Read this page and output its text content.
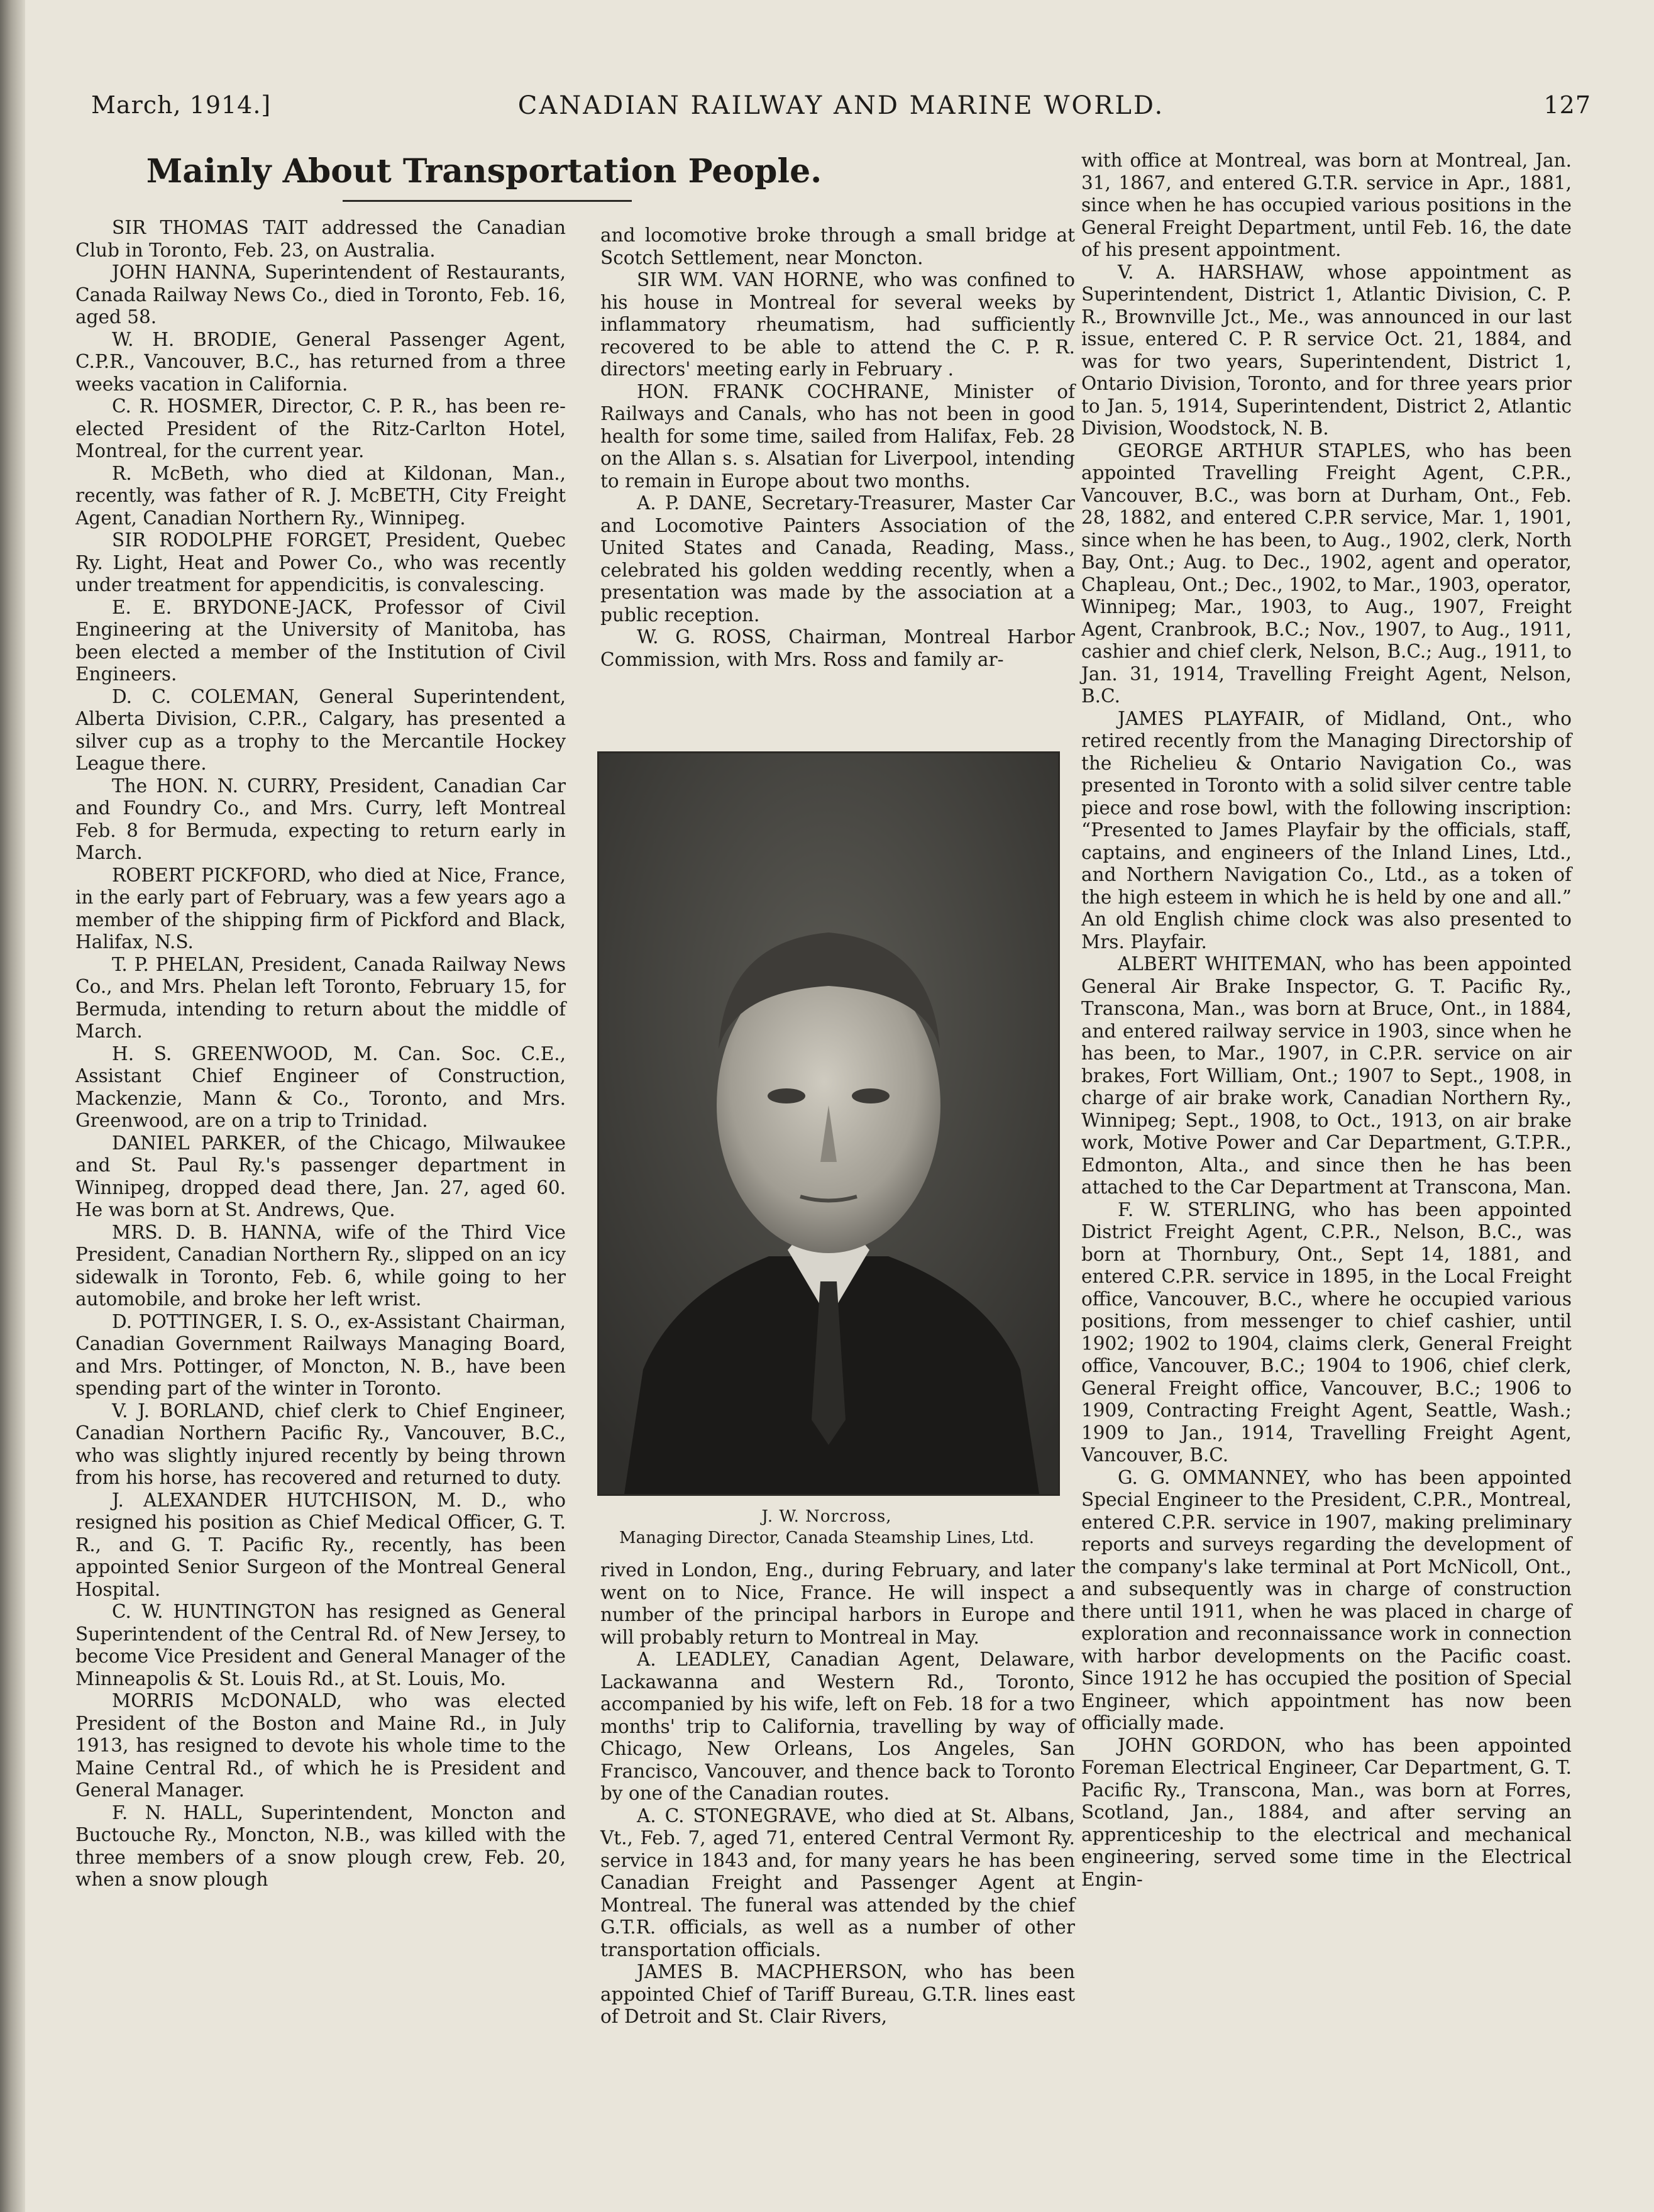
March, 1914.]	CANADIAN RAILWAY AND MARINE WORLD.	127
Mainly About Transportation People.

SIR THOMAS TAIT addressed the Canadian Club in Toronto, Feb. 23, on Australia.

JOHN HANNA, Superintendent of Restaurants, Canada Railway News Co., died in Toronto, Feb. 16, aged 58.

W. H. BRODIE, General Passenger Agent, C.P.R., Vancouver, B.C., has returned from a three weeks vacation in California.

C. R. HOSMER, Director, C. P. R., has been re-elected President of the Ritz-Carlton Hotel, Montreal, for the current year.

R. McBeth, who died at Kildonan, Man., recently, was father of R. J. McBETH, City Freight Agent, Canadian Northern Ry., Winnipeg.

SIR RODOLPHE FORGET, President, Quebec Ry. Light, Heat and Power Co., who was recently under treatment for appendicitis, is convalescing.

E. E. BRYDONE-JACK, Professor of Civil Engineering at the University of Manitoba, has been elected a member of the Institution of Civil Engineers.

D. C. COLEMAN, General Superintendent, Alberta Division, C.P.R., Calgary, has presented a silver cup as a trophy to the Mercantile Hockey League there.

The HON. N. CURRY, President, Canadian Car and Foundry Co., and Mrs. Curry, left Montreal Feb. 8 for Bermuda, expecting to return early in March.

ROBERT PICKFORD, who died at Nice, France, in the early part of February, was a few years ago a member of the shipping firm of Pickford and Black, Halifax, N.S.

T. P. PHELAN, President, Canada Railway News Co., and Mrs. Phelan left Toronto, February 15, for Bermuda, intending to return about the middle of March.

H. S. GREENWOOD, M. Can. Soc. C.E., Assistant Chief Engineer of Construction, Mackenzie, Mann & Co., Toronto, and Mrs. Greenwood, are on a trip to Trinidad.

DANIEL PARKER, of the Chicago, Milwaukee and St. Paul Ry.'s passenger department in Winnipeg, dropped dead there, Jan. 27, aged 60. He was born at St. Andrews, Que.

MRS. D. B. HANNA, wife of the Third Vice President, Canadian Northern Ry., slipped on an icy sidewalk in Toronto, Feb. 6, while going to her automobile, and broke her left wrist.

D. POTTINGER, I. S. O., ex-Assistant Chairman, Canadian Government Railways Managing Board, and Mrs. Pottinger, of Moncton, N. B., have been spending part of the winter in Toronto.

V. J. BORLAND, chief clerk to Chief Engineer, Canadian Northern Pacific Ry., Vancouver, B.C., who was slightly injured recently by being thrown from his horse, has recovered and returned to duty.

J. ALEXANDER HUTCHISON, M. D., who resigned his position as Chief Medical Officer, G. T. R., and G. T. Pacific Ry., recently, has been appointed Senior Surgeon of the Montreal General Hospital.

C. W. HUNTINGTON has resigned as General Superintendent of the Central Rd. of New Jersey, to become Vice President and General Manager of the Minneapolis & St. Louis Rd., at St. Louis, Mo.

MORRIS McDONALD, who was elected President of the Boston and Maine Rd., in July 1913, has resigned to devote his whole time to the Maine Central Rd., of which he is President and General Manager.

F. N. HALL, Superintendent, Moncton and Buctouche Ry., Moncton, N.B., was killed with the three members of a snow plough crew, Feb. 20, when a snow plough

and locomotive broke through a small bridge at Scotch Settlement, near Moncton.

SIR WM. VAN HORNE, who was confined to his house in Montreal for several weeks by inflammatory rheumatism, had sufficiently recovered to be able to attend the C. P. R. directors' meeting early in February .

HON. FRANK COCHRANE, Minister of Railways and Canals, who has not been in good health for some time, sailed from Halifax, Feb. 28 on the Allan s. s. Alsatian for Liverpool, intending to remain in Europe about two months.

A. P. DANE, Secretary-Treasurer, Master Car and Locomotive Painters Association of the United States and Canada, Reading, Mass., celebrated his golden wedding recently, when a presentation was made by the association at a public reception.

W. G. ROSS, Chairman, Montreal Harbor Commission, with Mrs. Ross and family ar-

J. W. Norcross,
Managing Director, Canada Steamship Lines, Ltd.

rived in London, Eng., during February, and later went on to Nice, France. He will inspect a number of the principal harbors in Europe and will probably return to Montreal in May.

A. LEADLEY, Canadian Agent, Delaware, Lackawanna and Western Rd., Toronto, accompanied by his wife, left on Feb. 18 for a two months' trip to California, travelling by way of Chicago, New Orleans, Los Angeles, San Francisco, Vancouver, and thence back to Toronto by one of the Canadian routes.

A. C. STONEGRAVE, who died at St. Albans, Vt., Feb. 7, aged 71, entered Central Vermont Ry. service in 1843 and, for many years he has been Canadian Freight and Passenger Agent at Montreal. The funeral was attended by the chief G.T.R. officials, as well as a number of other transportation officials.

JAMES B. MACPHERSON, who has been appointed Chief of Tariff Bureau, G.T.R. lines east of Detroit and St. Clair Rivers,

with office at Montreal, was born at Montreal, Jan. 31, 1867, and entered G.T.R. service in Apr., 1881, since when he has occupied various positions in the General Freight Department, until Feb. 16, the date of his present appointment.

V. A. HARSHAW, whose appointment as Superintendent, District 1, Atlantic Division, C. P. R., Brownville Jct., Me., was announced in our last issue, entered C. P. R service Oct. 21, 1884, and was for two years, Superintendent, District 1, Ontario Division, Toronto, and for three years prior to Jan. 5, 1914, Superintendent, District 2, Atlantic Division, Woodstock, N. B.

GEORGE ARTHUR STAPLES, who has been appointed Travelling Freight Agent, C.P.R., Vancouver, B.C., was born at Durham, Ont., Feb. 28, 1882, and entered C.P.R service, Mar. 1, 1901, since when he has been, to Aug., 1902, clerk, North Bay, Ont.; Aug. to Dec., 1902, agent and operator, Chapleau, Ont.; Dec., 1902, to Mar., 1903, operator, Winnipeg; Mar., 1903, to Aug., 1907, Freight Agent, Cranbrook, B.C.; Nov., 1907, to Aug., 1911, cashier and chief clerk, Nelson, B.C.; Aug., 1911, to Jan. 31, 1914, Travelling Freight Agent, Nelson, B.C.

JAMES PLAYFAIR, of Midland, Ont., who retired recently from the Managing Directorship of the Richelieu & Ontario Navigation Co., was presented in Toronto with a solid silver centre table piece and rose bowl, with the following inscription: “Presented to James Playfair by the officials, staff, captains, and engineers of the Inland Lines, Ltd., and Northern Navigation Co., Ltd., as a token of the high esteem in which he is held by one and all.” An old English chime clock was also presented to Mrs. Playfair.

ALBERT WHITEMAN, who has been appointed General Air Brake Inspector, G. T. Pacific Ry., Transcona, Man., was born at Bruce, Ont., in 1884, and entered railway service in 1903, since when he has been, to Mar., 1907, in C.P.R. service on air brakes, Fort William, Ont.; 1907 to Sept., 1908, in charge of air brake work, Canadian Northern Ry., Winnipeg; Sept., 1908, to Oct., 1913, on air brake work, Motive Power and Car Department, G.T.P.R., Edmonton, Alta., and since then he has been attached to the Car Department at Transcona, Man.

F. W. STERLING, who has been appointed District Freight Agent, C.P.R., Nelson, B.C., was born at Thornbury, Ont., Sept 14, 1881, and entered C.P.R. service in 1895, in the Local Freight office, Vancouver, B.C., where he occupied various positions, from messenger to chief cashier, until 1902; 1902 to 1904, claims clerk, General Freight office, Vancouver, B.C.; 1904 to 1906, chief clerk, General Freight office, Vancouver, B.C.; 1906 to 1909, Contracting Freight Agent, Seattle, Wash.; 1909 to Jan., 1914, Travelling Freight Agent, Vancouver, B.C.

G. G. OMMANNEY, who has been appointed Special Engineer to the President, C.P.R., Montreal, entered C.P.R. service in 1907, making preliminary reports and surveys regarding the development of the company's lake terminal at Port McNicoll, Ont., and subsequently was in charge of construction there until 1911, when he was placed in charge of exploration and reconnaissance work in connection with harbor developments on the Pacific coast. Since 1912 he has occupied the position of Special Engineer, which appointment has now been officially made.

JOHN GORDON, who has been appointed Foreman Electrical Engineer, Car Department, G. T. Pacific Ry., Transcona, Man., was born at Forres, Scotland, Jan., 1884, and after serving an apprenticeship to the electrical and mechanical engineering, served some time in the Electrical Engin-
